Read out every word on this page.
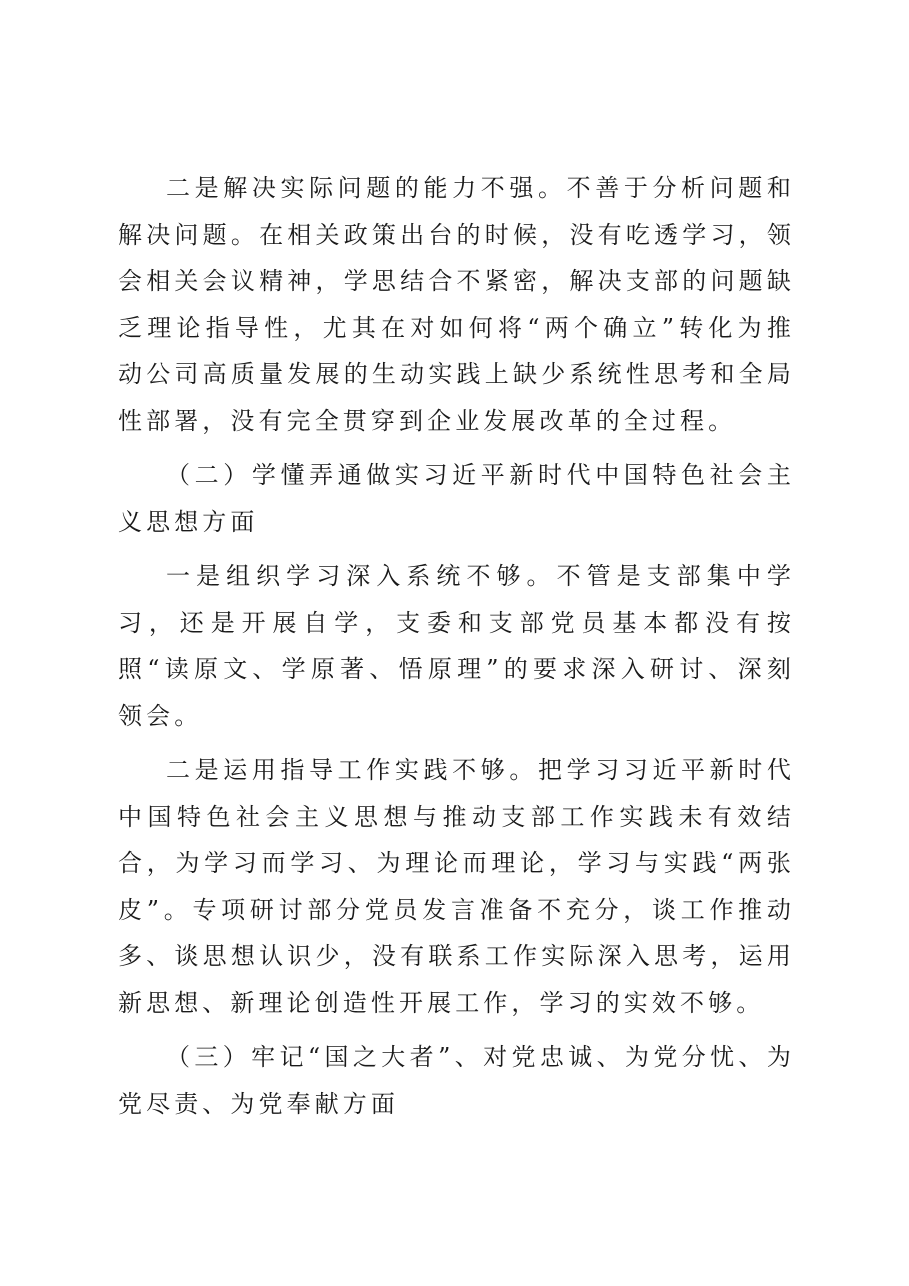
二是解决实际问题的能力不强。不善于分析问题和解决问题。在相关政策出台的时候，没有吃透学习，领会相关会议精神，学思结合不紧密，解决支部的问题缺乏理论指导性，尤其在对如何将“两个确立”转化为推动公司高质量发展的生动实践上缺少系统性思考和全局性部署，没有完全贯穿到企业发展改革的全过程。

（二）学懂弄通做实习近平新时代中国特色社会主义思想方面

一是组织学习深入系统不够。不管是支部集中学习，还是开展自学，支委和支部党员基本都没有按照“读原文、学原著、悟原理”的要求深入研讨、深刻领会。

二是运用指导工作实践不够。把学习习近平新时代中国特色社会主义思想与推动支部工作实践未有效结合，为学习而学习、为理论而理论，学习与实践“两张皮”。专项研讨部分党员发言准备不充分，谈工作推动多、谈思想认识少，没有联系工作实际深入思考，运用新思想、新理论创造性开展工作，学习的实效不够。

（三）牢记“国之大者”、对党忠诚、为党分忧、为党尽责、为党奉献方面
